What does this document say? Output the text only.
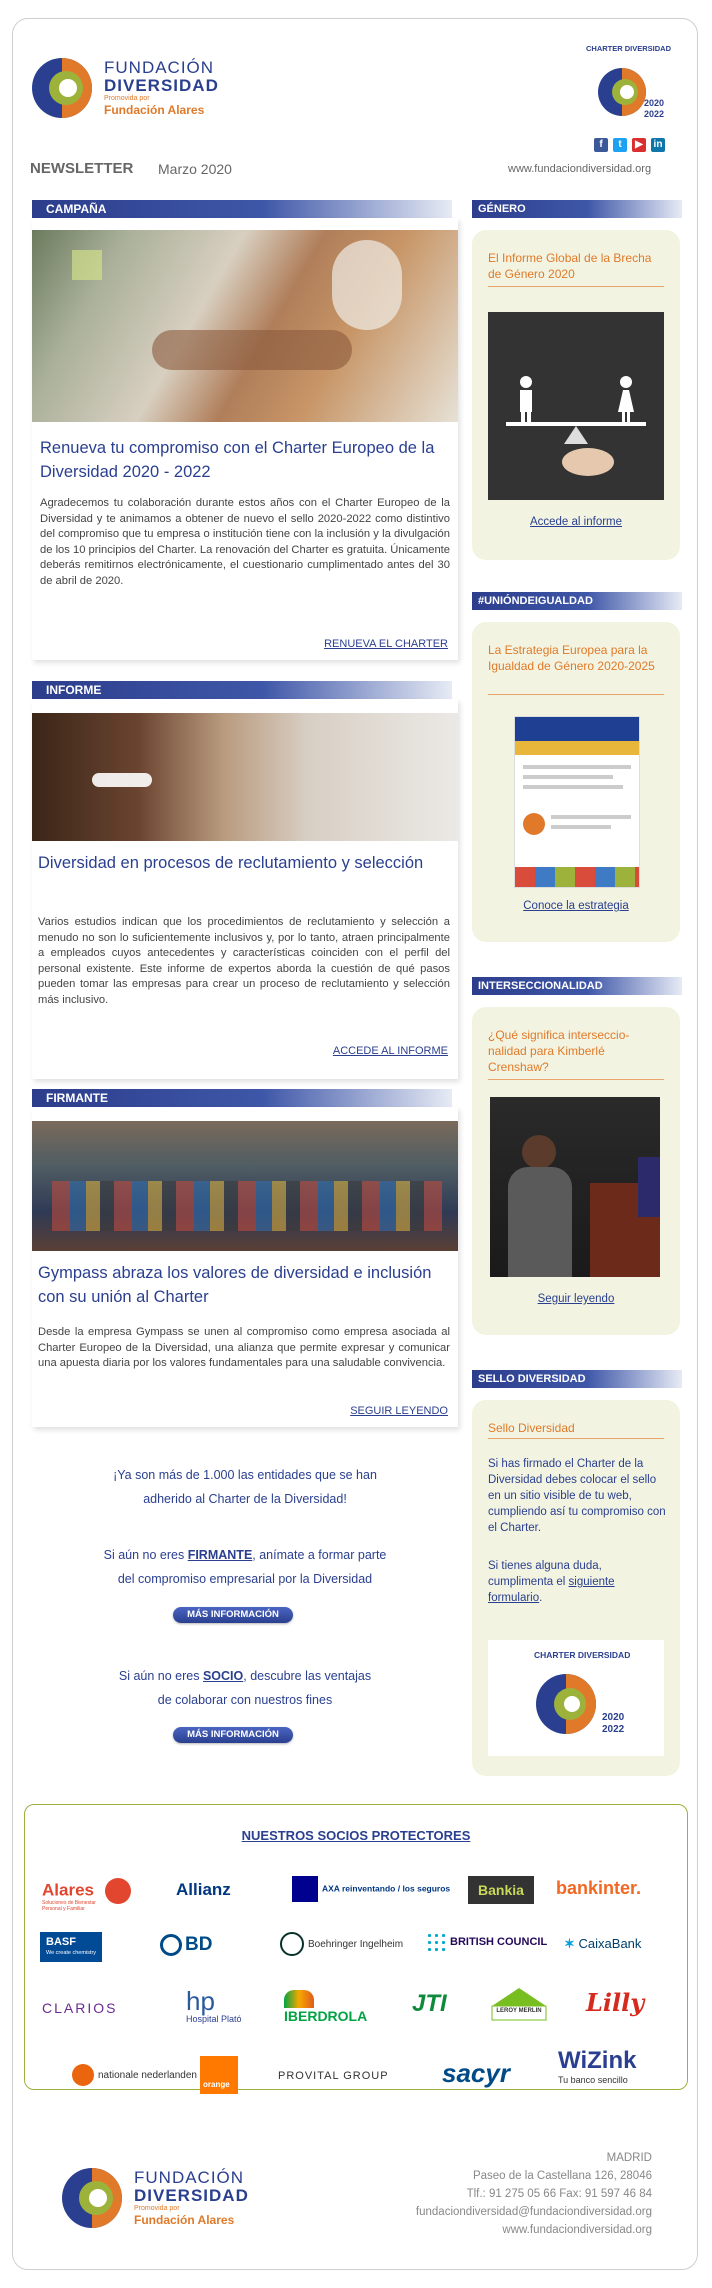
FUNDACIÓN
DIVERSIDAD
Promovida por
Fundación Alares
CHARTER DIVERSIDAD
2020
2022
f	t	▶	in
NEWSLETTER Marzo 2020	www.fundaciondiversidad.org
CAMPAÑA
Renueva tu compromiso con el Charter Europeo de la Diversidad 2020 - 2022
Agradecemos tu colaboración durante estos años con el Charter Europeo de la Diversidad y te animamos a obtener de nuevo el sello 2020-2022 como distintivo del compromiso que tu empresa o institución tiene con la inclusión y la divulgación de los 10 principios del Charter. La renovación del Charter es gratuita. Únicamente deberás remitirnos electrónicamente, el cuestionario cumplimentado antes del 30 de abril de 2020.
RENUEVA EL CHARTER
INFORME
Diversidad en procesos de reclutamiento y selección
Varios estudios indican que los procedimientos de reclutamiento y selección a menudo no son lo suficientemente inclusivos y, por lo tanto, atraen principalmente a empleados cuyos antecedentes y características coinciden con el perfil del personal existente. Este informe de expertos aborda la cuestión de qué pasos pueden tomar las empresas para crear un proceso de reclutamiento y selección más inclusivo.
ACCEDE AL INFORME
FIRMANTE
Gympass abraza los valores de diversidad e inclusión con su unión al Charter
Desde la empresa Gympass se unen al compromiso como empresa asociada al Charter Europeo de la Diversidad, una alianza que permite expresar y comunicar una apuesta diaria por los valores fundamentales para una saludable convivencia.
SEGUIR LEYENDO
¡Ya son más de 1.000 las entidades que se han
adherido al Charter de la Diversidad!
Si aún no eres FIRMANTE, anímate a formar parte
del compromiso empresarial por la Diversidad
MÁS INFORMACIÓN
Si aún no eres SOCIO, descubre las ventajas
de colaborar con nuestros fines
MÁS INFORMACIÓN
GÉNERO
El Informe Global de la Brecha de Género 2020
Accede al informe
#UNIÓNDEIGUALDAD
La Estrategia Europea para la Igualdad de Género 2020-2025
Conoce la estrategia
INTERSECCIONALIDAD
¿Qué significa interseccio-nalidad para Kimberlé Crenshaw?
Seguir leyendo
SELLO DIVERSIDAD
Sello Diversidad
Si has firmado el Charter de la Diversidad debes colocar el sello en un sitio visible de tu web, cumpliendo así tu compromiso con el Charter.
Si tienes alguna duda, cumplimenta el siguiente formulario.
CHARTER DIVERSIDAD
2020
2022
NUESTROS SOCIOS PROTECTORES
Alares
Soluciones de Bienestar Personal y Familiar
Allianz	AXA reinventando / los seguros	Bankia	bankinter.
BASF
We create chemistry	BD	Boehringer Ingelheim	BRITISH COUNCIL ✶ CaixaBank
CLARIOS	hp
Hospital Plató	IBERDROLA JTI	LEROY MERLIN Lilly
nationale nederlanden
orange
PROVITAL GROUP sacyr WiZink
Tu banco sencillo
FUNDACIÓN
DIVERSIDAD
Promovida por
Fundación Alares
MADRID
Paseo de la Castellana 126, 28046
Tlf.: 91 275 05 66 Fax: 91 597 46 84
fundaciondiversidad@fundaciondiversidad.org
www.fundaciondiversidad.org
